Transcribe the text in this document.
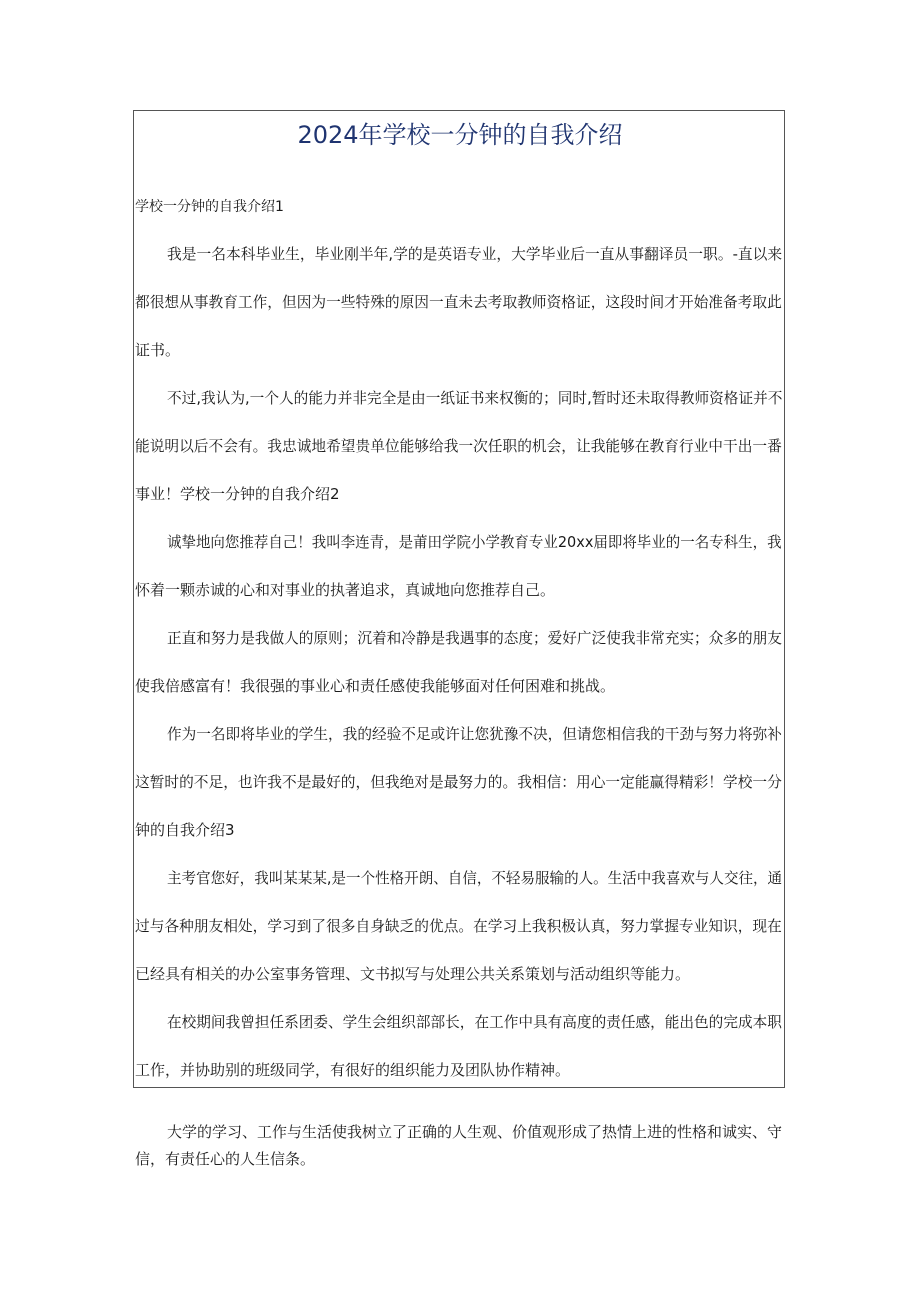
2024年学校一分钟的自我介绍

学校一分钟的自我介绍1

我是一名本科毕业生，毕业刚半年,学的是英语专业，大学毕业后一直从事翻译员一职。-直以来

都很想从事教育工作，但因为一些特殊的原因一直未去考取教师资格证，这段时间才开始准备考取此

证书。

不过,我认为,一个人的能力并非完全是由一纸证书来权衡的；同时,暂时还未取得教师资格证并不

能说明以后不会有。我忠诚地希望贵单位能够给我一次任职的机会，让我能够在教育行业中干出一番

事业！学校一分钟的自我介绍2

诚挚地向您推荐自己！我叫李连青，是莆田学院小学教育专业20xx届即将毕业的一名专科生，我

怀着一颗赤诚的心和对事业的执著追求，真诚地向您推荐自己。

正直和努力是我做人的原则；沉着和冷静是我遇事的态度；爱好广泛使我非常充实；众多的朋友

使我倍感富有！我很强的事业心和责任感使我能够面对任何困难和挑战。

作为一名即将毕业的学生，我的经验不足或许让您犹豫不决，但请您相信我的干劲与努力将弥补

这暂时的不足，也许我不是最好的，但我绝对是最努力的。我相信：用心一定能赢得精彩！学校一分

钟的自我介绍3

主考官您好，我叫某某某,是一个性格开朗、自信，不轻易服输的人。生活中我喜欢与人交往，通

过与各种朋友相处，学习到了很多自身缺乏的优点。在学习上我积极认真，努力掌握专业知识，现在

已经具有相关的办公室事务管理、文书拟写与处理公共关系策划与活动组织等能力。

在校期间我曾担任系团委、学生会组织部部长，在工作中具有高度的责任感，能出色的完成本职

工作，并协助别的班级同学，有很好的组织能力及团队协作精神。

大学的学习、工作与生活使我树立了正确的人生观、价值观形成了热情上进的性格和诚实、守

信，有责任心的人生信条。
